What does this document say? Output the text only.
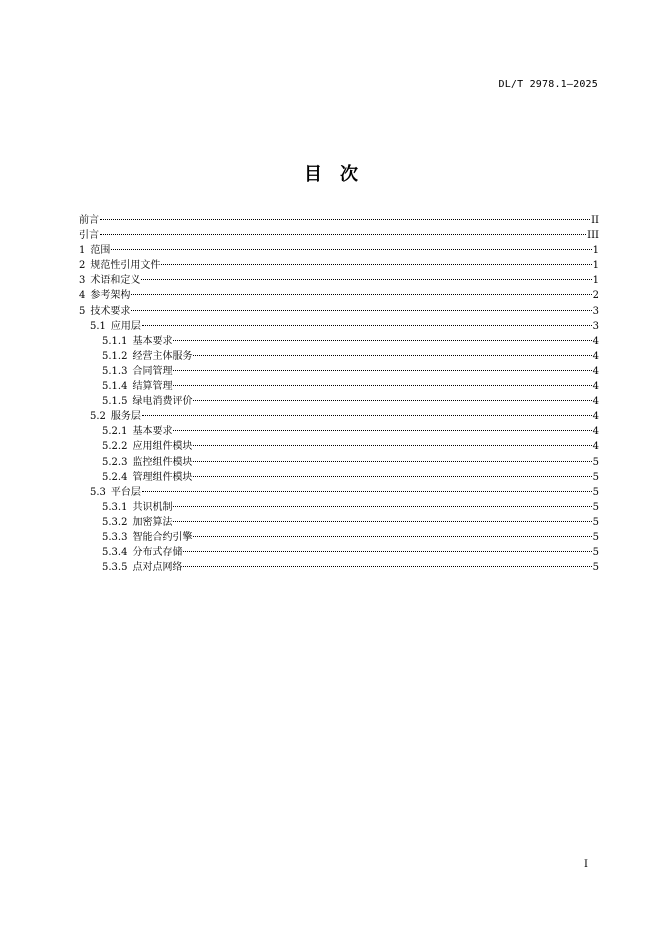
DL/T 2978.1—2025
目　次
前言	II
引言	III
1 范围	1
2 规范性引用文件	1
3 术语和定义	1
4 参考架构	2
5 技术要求	3
5.1 应用层	3
5.1.1 基本要求	4
5.1.2 经营主体服务	4
5.1.3 合同管理	4
5.1.4 结算管理	4
5.1.5 绿电消费评价	4
5.2 服务层	4
5.2.1 基本要求	4
5.2.2 应用组件模块	4
5.2.3 监控组件模块	5
5.2.4 管理组件模块	5
5.3 平台层	5
5.3.1 共识机制	5
5.3.2 加密算法	5
5.3.3 智能合约引擎	5
5.3.4 分布式存储	5
5.3.5 点对点网络	5
I
